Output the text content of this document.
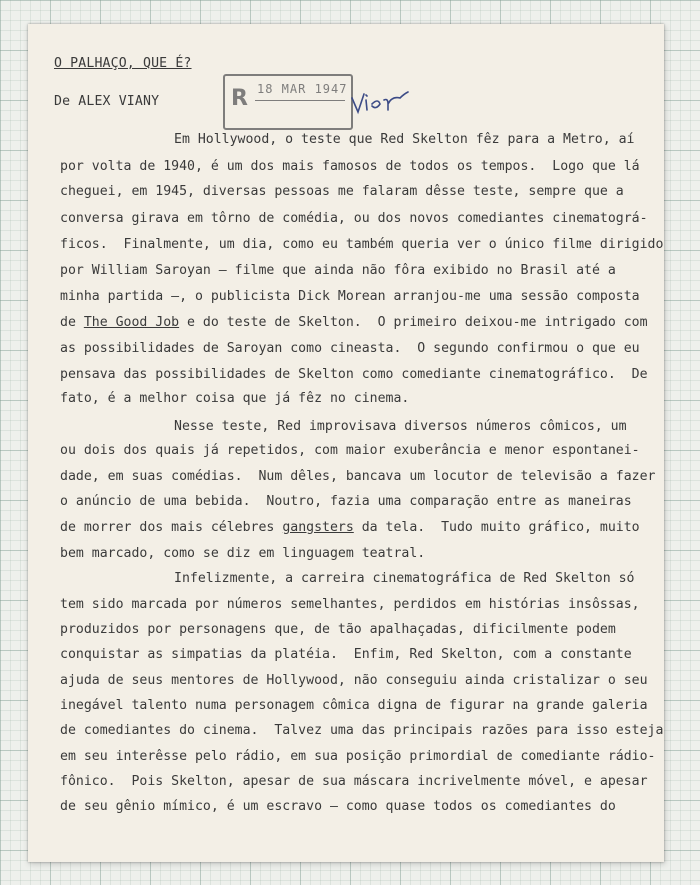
O PALHAÇO, QUE É?
De ALEX VIANY	R 18 MAR 1947
Em Hollywood, o teste que Red Skelton fêz para a Metro, aí
por volta de 1940, é um dos mais famosos de todos os tempos.  Logo que lá
cheguei, em 1945, diversas pessoas me falaram dêsse teste, sempre que a
conversa girava em tôrno de comédia, ou dos novos comediantes cinematográ-
ficos.  Finalmente, um dia, como eu também queria ver o único filme dirigido
por William Saroyan — filme que ainda não fôra exibido no Brasil até a
minha partida —, o publicista Dick Morean arranjou-me uma sessão composta
de The Good Job e do teste de Skelton.  O primeiro deixou-me intrigado com
as possibilidades de Saroyan como cineasta.  O segundo confirmou o que eu
pensava das possibilidades de Skelton como comediante cinematográfico.  De
fato, é a melhor coisa que já fêz no cinema.
Nesse teste, Red improvisava diversos números cômicos, um
ou dois dos quais já repetidos, com maior exuberância e menor espontanei-
dade, em suas comédias.  Num dêles, bancava um locutor de televisão a fazer
o anúncio de uma bebida.  Noutro, fazia uma comparação entre as maneiras
de morrer dos mais célebres gangsters da tela.  Tudo muito gráfico, muito
bem marcado, como se diz em linguagem teatral.
Infelizmente, a carreira cinematográfica de Red Skelton só
tem sido marcada por números semelhantes, perdidos em histórias insôssas,
produzidos por personagens que, de tão apalhaçadas, dificilmente podem
conquistar as simpatias da platéia.  Enfim, Red Skelton, com a constante
ajuda de seus mentores de Hollywood, não conseguiu ainda cristalizar o seu
inegável talento numa personagem cômica digna de figurar na grande galeria
de comediantes do cinema.  Talvez uma das principais razões para isso esteja
em seu interêsse pelo rádio, em sua posição primordial de comediante rádio-
fônico.  Pois Skelton, apesar de sua máscara incrivelmente móvel, e apesar
de seu gênio mímico, é um escravo — como quase todos os comediantes do
